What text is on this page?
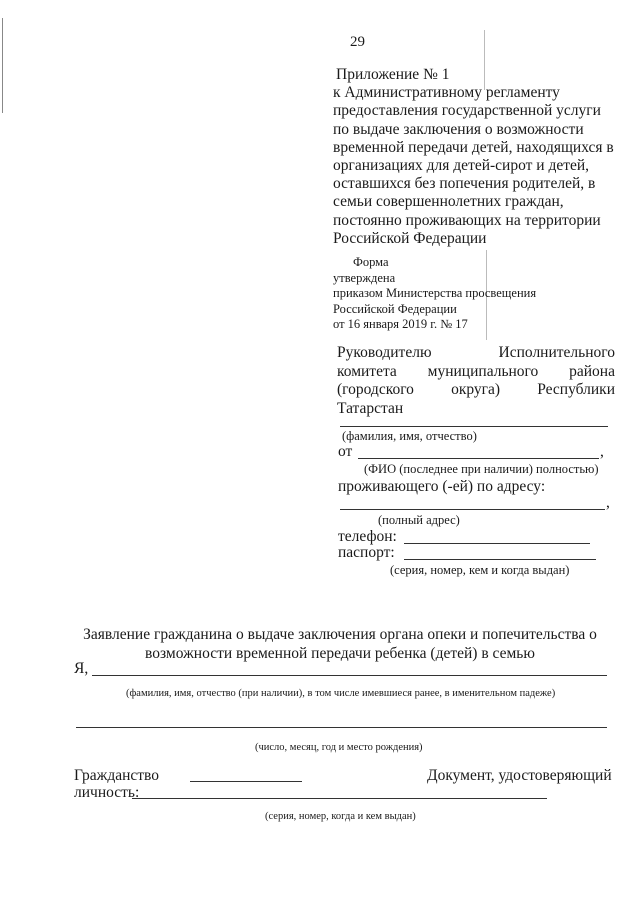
29
Приложение № 1
к Административному регламенту
предоставления государственной услуги
по выдаче заключения о возможности
временной передачи детей, находящихся в
организациях для детей-сирот и детей,
оставшихся без попечения родителей, в
семьи совершеннолетних граждан,
постоянно проживающих на территории
Российской Федерации
Форма
утверждена
приказом Министерства просвещения
Российской Федерации
от 16 января 2019 г. № 17
Руководителю Исполнительного комитета муниципального района (городского округа) Республики Татарстан
(фамилия, имя, отчество)
от	,
(ФИО (последнее при наличии) полностью)
проживающего (-ей) по адресу:
,
(полный адрес)
телефон:
паспорт:
(серия, номер, кем и когда выдан)
Заявление гражданина о выдаче заключения органа опеки и попечительства о
возможности временной передачи ребенка (детей) в семью
Я,
(фамилия, имя, отчество (при наличии), в том числе имевшиеся ранее, в именительном падеже)
(число, месяц, год и место рождения)
Гражданство	Документ, удостоверяющий
личность:
(серия, номер, когда и кем выдан)
